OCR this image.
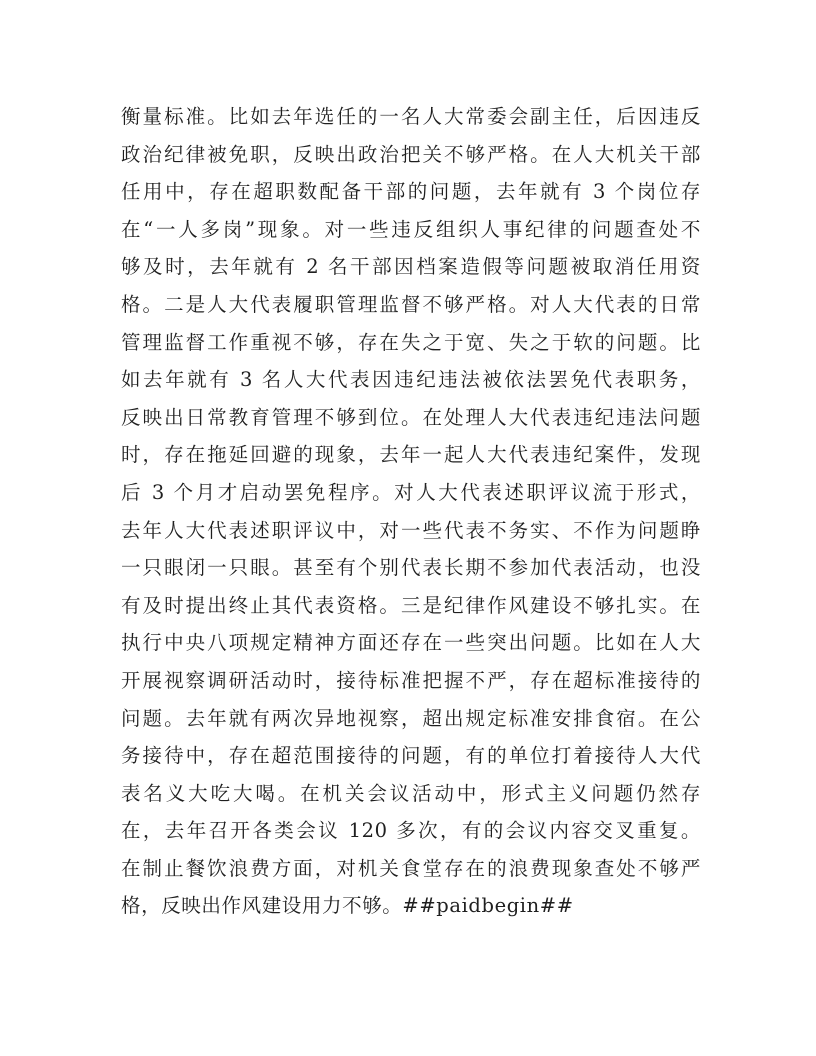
衡量标准。比如去年选任的一名人大常委会副主任，后因违反
政治纪律被免职，反映出政治把关不够严格。在人大机关干部
任用中，存在超职数配备干部的问题，去年就有 3 个岗位存
在“一人多岗”现象。对一些违反组织人事纪律的问题查处不
够及时，去年就有 2 名干部因档案造假等问题被取消任用资
格。二是人大代表履职管理监督不够严格。对人大代表的日常
管理监督工作重视不够，存在失之于宽、失之于软的问题。比
如去年就有 3 名人大代表因违纪违法被依法罢免代表职务，
反映出日常教育管理不够到位。在处理人大代表违纪违法问题
时，存在拖延回避的现象，去年一起人大代表违纪案件，发现
后 3 个月才启动罢免程序。对人大代表述职评议流于形式，
去年人大代表述职评议中，对一些代表不务实、不作为问题睁
一只眼闭一只眼。甚至有个别代表长期不参加代表活动，也没
有及时提出终止其代表资格。三是纪律作风建设不够扎实。在
执行中央八项规定精神方面还存在一些突出问题。比如在人大
开展视察调研活动时，接待标准把握不严，存在超标准接待的
问题。去年就有两次异地视察，超出规定标准安排食宿。在公
务接待中，存在超范围接待的问题，有的单位打着接待人大代
表名义大吃大喝。在机关会议活动中，形式主义问题仍然存
在，去年召开各类会议 120 多次，有的会议内容交叉重复。
在制止餐饮浪费方面，对机关食堂存在的浪费现象查处不够严
格，反映出作风建设用力不够。##paidbegin##
